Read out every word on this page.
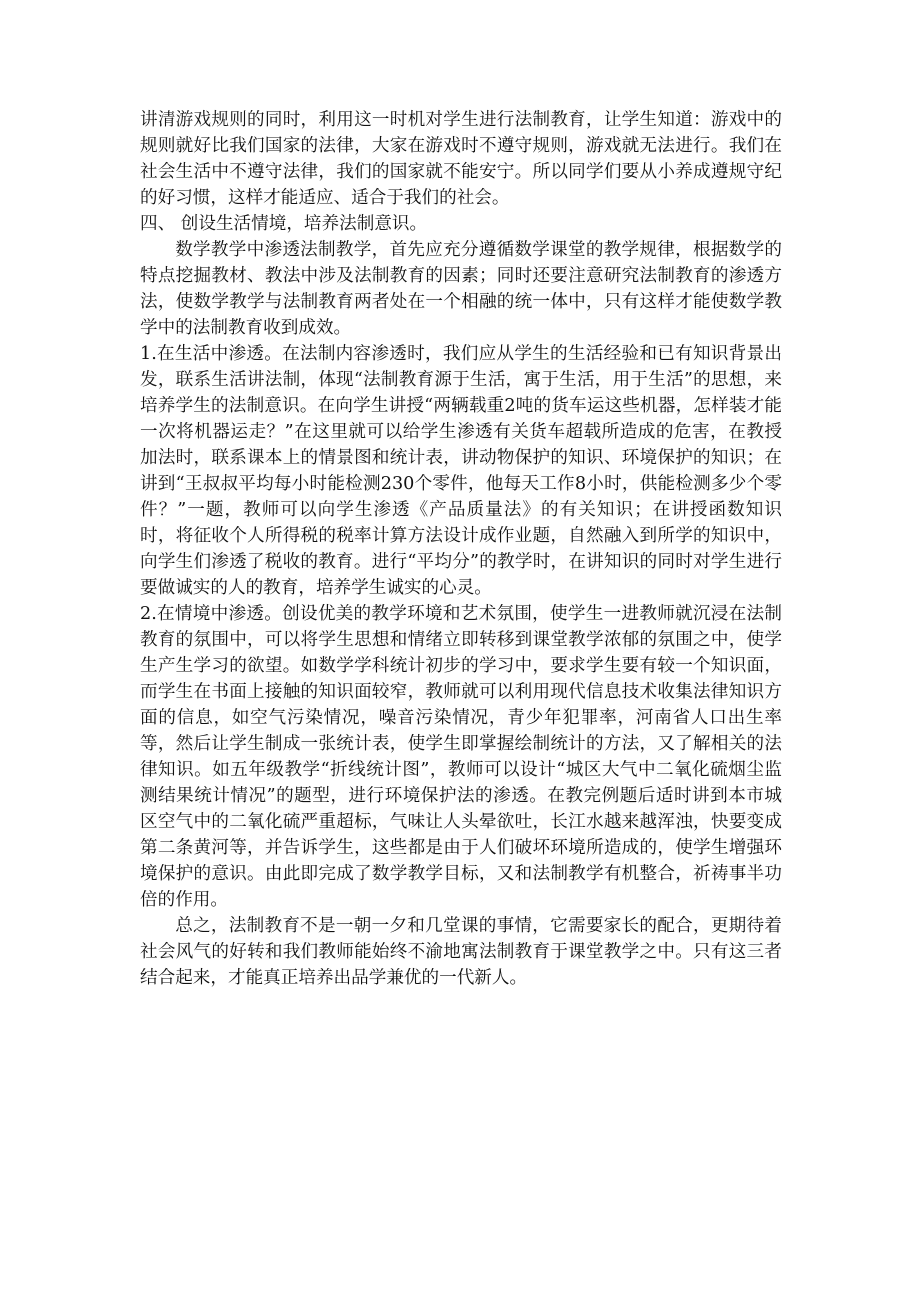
讲清游戏规则的同时，利用这一时机对学生进行法制教育，让学生知道：游戏中的规则就好比我们国家的法律，大家在游戏时不遵守规则，游戏就无法进行。我们在社会生活中不遵守法律，我们的国家就不能安宁。所以同学们要从小养成遵规守纪的好习惯，这样才能适应、适合于我们的社会。

四、 创设生活情境，培养法制意识。

数学教学中渗透法制教学，首先应充分遵循数学课堂的教学规律，根据数学的特点挖掘教材、教法中涉及法制教育的因素；同时还要注意研究法制教育的渗透方法，使数学教学与法制教育两者处在一个相融的统一体中，只有这样才能使数学教学中的法制教育收到成效。

1.在生活中渗透。在法制内容渗透时，我们应从学生的生活经验和已有知识背景出发，联系生活讲法制，体现“法制教育源于生活，寓于生活，用于生活”的思想，来培养学生的法制意识。在向学生讲授“两辆载重2吨的货车运这些机器，怎样装才能一次将机器运走？”在这里就可以给学生渗透有关货车超载所造成的危害，在教授加法时，联系课本上的情景图和统计表，讲动物保护的知识、环境保护的知识；在讲到“王叔叔平均每小时能检测230个零件，他每天工作8小时，供能检测多少个零件？”一题，教师可以向学生渗透《产品质量法》的有关知识；在讲授函数知识时，将征收个人所得税的税率计算方法设计成作业题，自然融入到所学的知识中，向学生们渗透了税收的教育。进行“平均分”的教学时，在讲知识的同时对学生进行要做诚实的人的教育，培养学生诚实的心灵。

2.在情境中渗透。创设优美的教学环境和艺术氛围，使学生一进教师就沉浸在法制教育的氛围中，可以将学生思想和情绪立即转移到课堂教学浓郁的氛围之中，使学生产生学习的欲望。如数学学科统计初步的学习中，要求学生要有较一个知识面，而学生在书面上接触的知识面较窄，教师就可以利用现代信息技术收集法律知识方面的信息，如空气污染情况，噪音污染情况，青少年犯罪率，河南省人口出生率等，然后让学生制成一张统计表，使学生即掌握绘制统计的方法，又了解相关的法律知识。如五年级教学“折线统计图”，教师可以设计“城区大气中二氧化硫烟尘监测结果统计情况”的题型，进行环境保护法的渗透。在教完例题后适时讲到本市城区空气中的二氧化硫严重超标，气味让人头晕欲吐，长江水越来越浑浊，快要变成第二条黄河等，并告诉学生，这些都是由于人们破坏环境所造成的，使学生增强环境保护的意识。由此即完成了数学教学目标，又和法制教学有机整合，祈祷事半功倍的作用。

总之，法制教育不是一朝一夕和几堂课的事情，它需要家长的配合，更期待着社会风气的好转和我们教师能始终不渝地寓法制教育于课堂教学之中。只有这三者结合起来，才能真正培养出品学兼优的一代新人。
